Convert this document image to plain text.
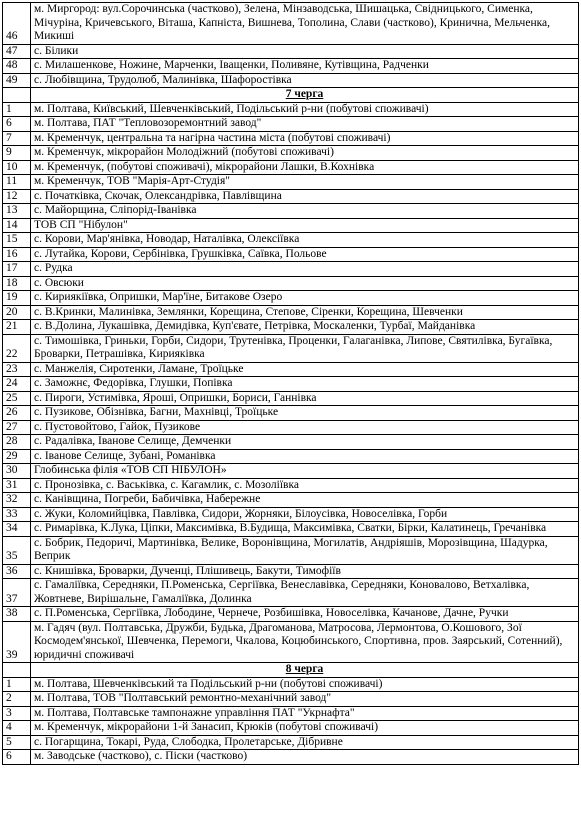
46	м. Миргород: вул.Сорочинська (частково), Зелена, Мінзаводська, Шишацька, Свідницького, Сименка, Мічуріна, Кричевського, Віташа, Капніста, Вишнева, Тополина, Слави (частково), Кринична, Мельченка, Микиші
47	с. Білики
48	с. Милашенкове, Ножине, Марченки, Іващенки, Поливяне, Кутівщина, Радченки
49	с. Любівщина, Трудолюб, Малинівка, Шафоростівка
	7 черга
1	м. Полтава, Київський, Шевченківський, Подільський р-ни (побутові споживачі)
6	м. Полтава, ПАТ "Тепловозоремонтний завод"
7	м. Кременчук, центральна та нагірна частина міста (побутові споживачі)
9	м. Кременчук, мікрорайон Молодіжний (побутові споживачі)
10	м. Кременчук, (побутові споживачі), мікрорайони Лашки, В.Кохнівка
11	м. Кременчук, ТОВ "Марія-Арт-Студія"
12	с. Початківка, Скочак, Олександрівка, Павлівщина
13	с. Майорщина, Сліпорід-Іванівка
14	ТОВ СП "Нібулон"
15	с. Корови, Мар'янівка, Новодар, Наталівка, Олексіївка
16	с. Лутайка, Корови, Сербінівка, Грушківка, Саївка, Польове
17	с. Рудка
18	с. Овсюки
19	с. Кириякіївка, Опришки, Мар'їне, Битакове Озеро
20	с. В.Кринки, Малинівка, Землянки, Корещина, Степове, Сіренки, Корещина, Шевченки
21	с. В.Долина, Лукашівка, Демидівка, Куп'євате, Петрівка, Москаленки, Турбаї, Майданівка
22	с. Тимошівка, Гриньки, Горби, Сидори, Трутенівка, Проценки, Галаганівка, Липове, Святилівка, Бугаївка, Броварки, Петрашівка, Кирияківка
23	с. Манжелія, Сиротенки, Ламане, Троїцьке
24	с. Заможнє, Федорівка, Глушки, Попівка
25	с. Пироги, Устимівка, Яроші, Опришки, Бориси, Ганнівка
26	с. Пузикове, Обізнівка, Багни, Махнівці, Троїцьке
27	с. Пустовойтово, Гайок, Пузикове
28	с. Радалівка, Іванове Селище, Демченки
29	с. Іванове Селище, Зубані, Романівка
30	Глобинська філія «ТОВ СП НІБУЛОН»
31	с. Пронозівка, с. Васьківка, с. Кагамлик, с. Мозоліївка
32	с. Канівщина, Погреби, Бабичівка, Набережне
33	с. Жуки, Коломийцівка, Павлівка, Сидори, Жорняки, Білоусівка, Новоселівка, Горби
34	с. Римарівка, К.Лука, Ціпки, Максимівка, В.Будища, Максимівка, Сватки, Бірки, Калатинець, Гречанівка
35	с. Бобрик, Педоричі, Мартинівка, Велике, Воронівщина, Могилатів, Андріяшів, Морозівщина, Шадурка, Веприк
36	с. Книшівка, Броварки, Дученці, Плішивець, Бакути, Тимофіїв
37	с. Гамаліївка, Середняки, П.Роменська, Сергіївка, Венеславівка, Середняки, Коновалово, Ветхалівка, Жовтневе, Вирішальне, Гамаліївка, Долинка
38	с. П.Роменська, Сергіївка, Лободине, Чернече, Розбишівка, Новоселівка, Качанове, Дачне, Ручки
39	м. Гадяч (вул. Полтавська, Дружби, Будька, Драгоманова, Матросова, Лермонтова, О.Кошового, Зої Космодем'янської, Шевченка, Перемоги, Чкалова, Коцюбинського, Спортивна, пров. Заярський, Сотенний), юридичні споживачі
	8 черга
1	м. Полтава, Шевченківський та Подільський р-ни (побутові споживачі)
2	м. Полтава, ТОВ "Полтавський ремонтно-механічний завод"
3	м. Полтава, Полтавське тампонажне управління ПАТ "Укрнафта"
4	м. Кременчук, мікрорайони 1-й Занасип, Крюків (побутові споживачі)
5	с. Погарщина, Токарі, Руда, Слободка, Пролетарське, Дібривне
6	м. Заводське (частково), с. Піски (частково)
